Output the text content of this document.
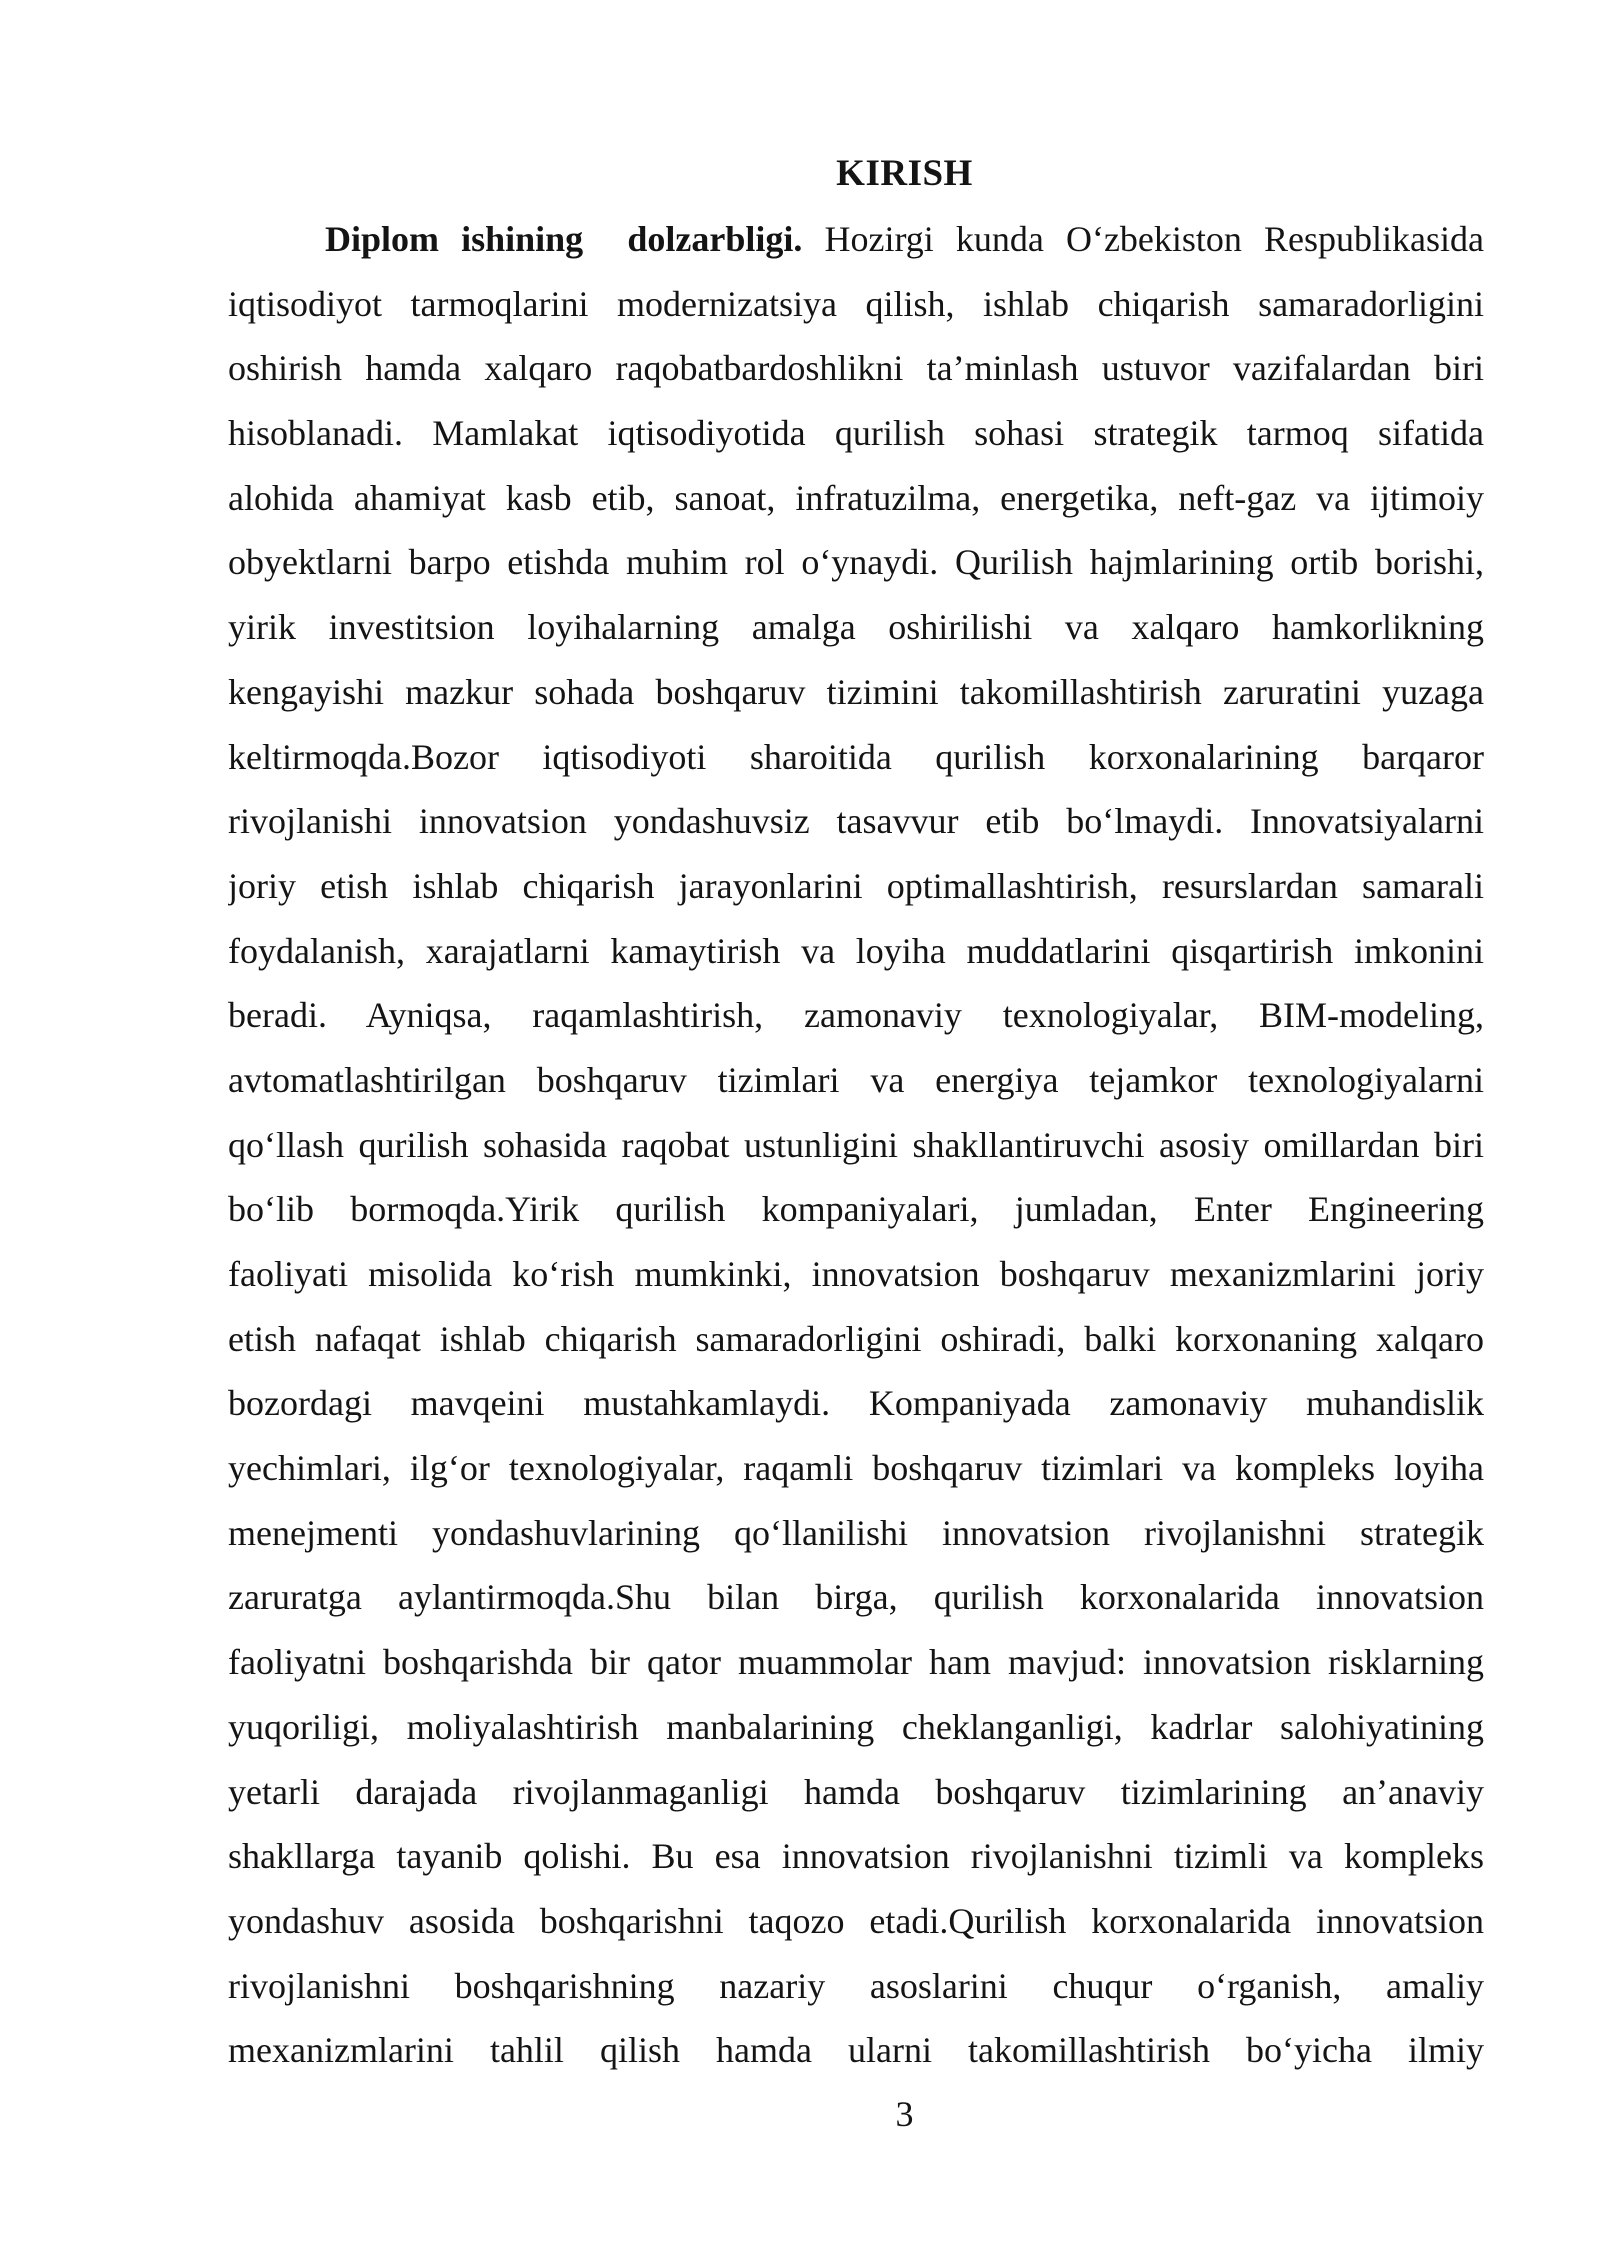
KIRISH
Diplom ishining  dolzarbligi. Hozirgi kunda O‘zbekiston Respublikasida
iqtisodiyot tarmoqlarini modernizatsiya qilish, ishlab chiqarish samaradorligini
oshirish hamda xalqaro raqobatbardoshlikni ta’minlash ustuvor vazifalardan biri
hisoblanadi. Mamlakat iqtisodiyotida qurilish sohasi strategik tarmoq sifatida
alohida ahamiyat kasb etib, sanoat, infratuzilma, energetika, neft-gaz va ijtimoiy
obyektlarni barpo etishda muhim rol o‘ynaydi. Qurilish hajmlarining ortib borishi,
yirik investitsion loyihalarning amalga oshirilishi va xalqaro hamkorlikning
kengayishi mazkur sohada boshqaruv tizimini takomillashtirish zaruratini yuzaga
keltirmoqda.Bozor iqtisodiyoti sharoitida qurilish korxonalarining barqaror
rivojlanishi innovatsion yondashuvsiz tasavvur etib bo‘lmaydi. Innovatsiyalarni
joriy etish ishlab chiqarish jarayonlarini optimallashtirish, resurslardan samarali
foydalanish, xarajatlarni kamaytirish va loyiha muddatlarini qisqartirish imkonini
beradi. Ayniqsa, raqamlashtirish, zamonaviy texnologiyalar, BIM-modeling,
avtomatlashtirilgan boshqaruv tizimlari va energiya tejamkor texnologiyalarni
qo‘llash qurilish sohasida raqobat ustunligini shakllantiruvchi asosiy omillardan biri
bo‘lib bormoqda.Yirik qurilish kompaniyalari, jumladan, Enter Engineering
faoliyati misolida ko‘rish mumkinki, innovatsion boshqaruv mexanizmlarini joriy
etish nafaqat ishlab chiqarish samaradorligini oshiradi, balki korxonaning xalqaro
bozordagi mavqeini mustahkamlaydi. Kompaniyada zamonaviy muhandislik
yechimlari, ilg‘or texnologiyalar, raqamli boshqaruv tizimlari va kompleks loyiha
menejmenti yondashuvlarining qo‘llanilishi innovatsion rivojlanishni strategik
zaruratga aylantirmoqda.Shu bilan birga, qurilish korxonalarida innovatsion
faoliyatni boshqarishda bir qator muammolar ham mavjud: innovatsion risklarning
yuqoriligi, moliyalashtirish manbalarining cheklanganligi, kadrlar salohiyatining
yetarli darajada rivojlanmaganligi hamda boshqaruv tizimlarining an’anaviy
shakllarga tayanib qolishi. Bu esa innovatsion rivojlanishni tizimli va kompleks
yondashuv asosida boshqarishni taqozo etadi.Qurilish korxonalarida innovatsion
rivojlanishni boshqarishning nazariy asoslarini chuqur o‘rganish, amaliy
mexanizmlarini tahlil qilish hamda ularni takomillashtirish bo‘yicha ilmiy
3
